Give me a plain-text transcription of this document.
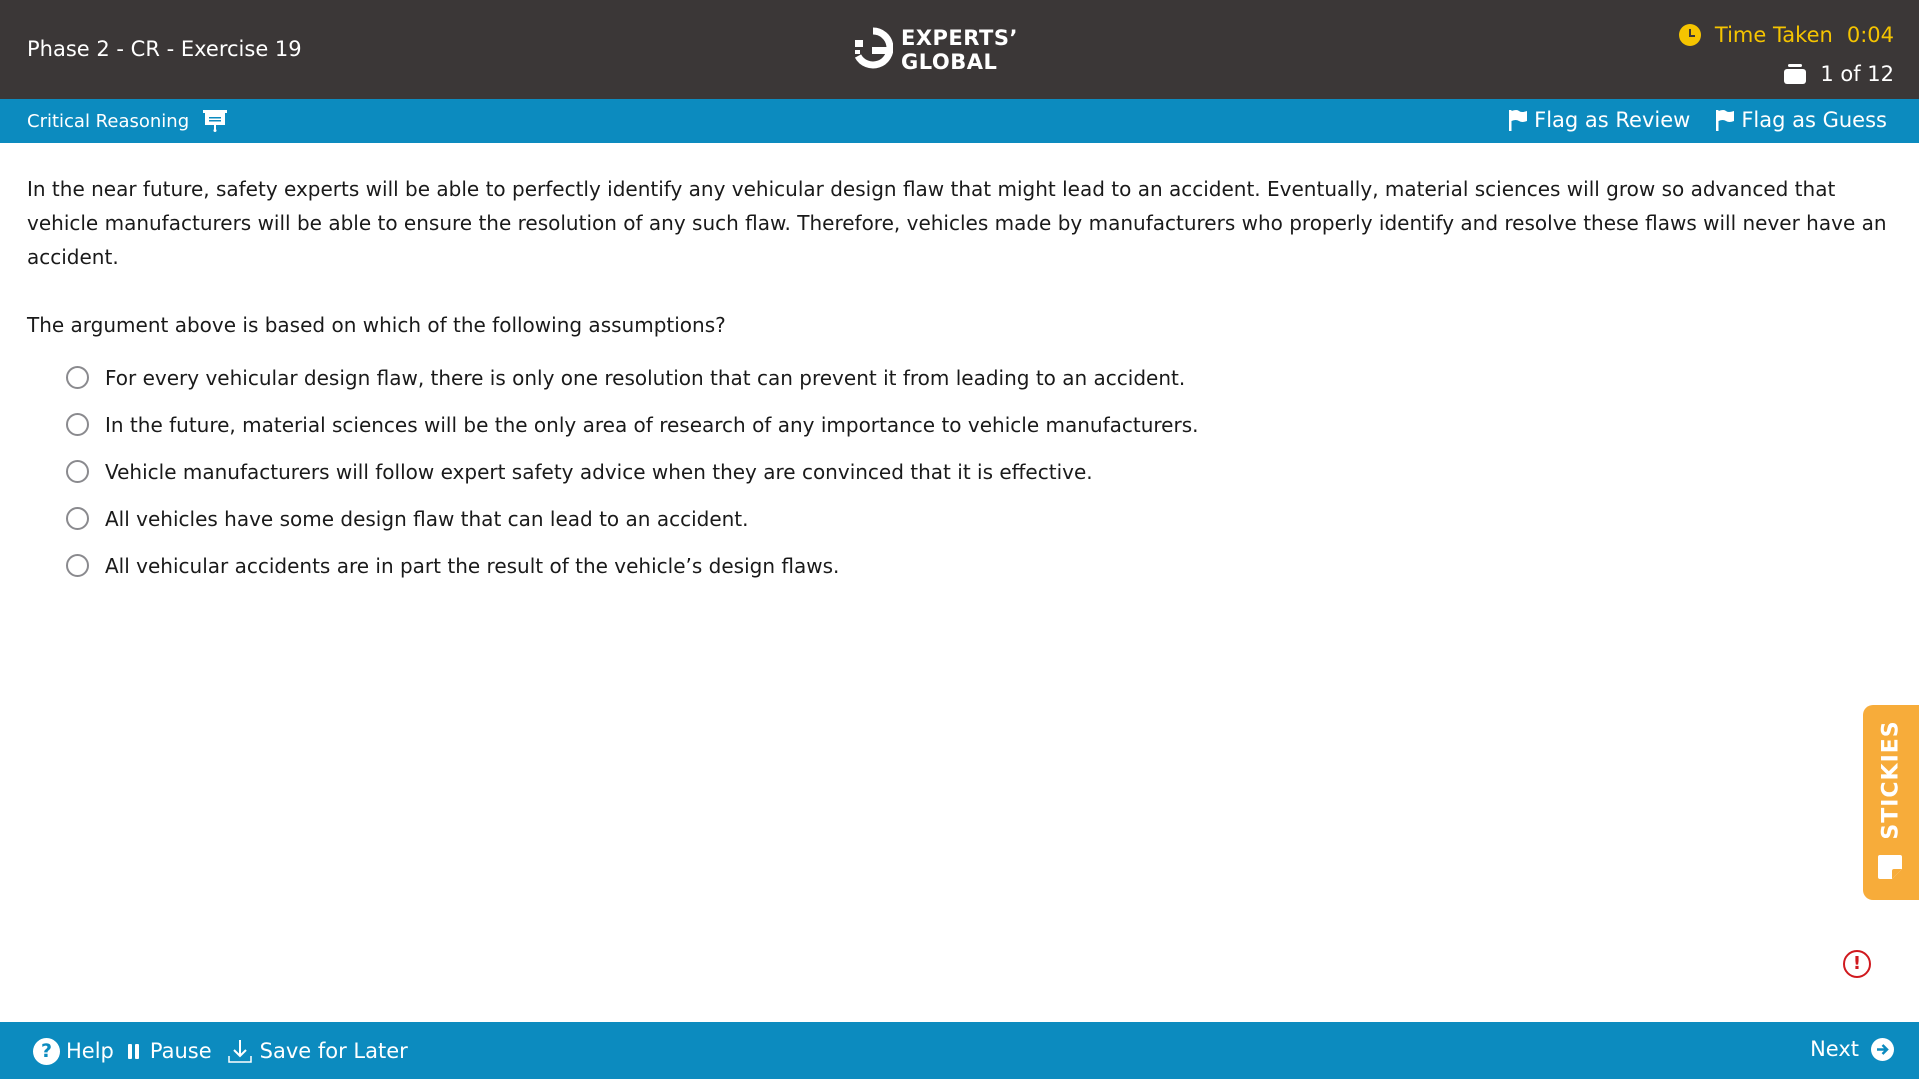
Phase 2 - CR - Exercise 19	EXPERTS’
GLOBAL
Time Taken 0:04
1 of 12
Critical Reasoning	Flag as Review Flag as Guess

In the near future, safety experts will be able to perfectly identify any vehicular design flaw that might lead to an accident. Eventually, material sciences will grow so advanced that vehicle manufacturers will be able to ensure the resolution of any such flaw. Therefore, vehicles made by manufacturers who properly identify and resolve these flaws will never have an accident.

The argument above is based on which of the following assumptions?

For every vehicular design flaw, there is only one resolution that can prevent it from leading to an accident.
In the future, material sciences will be the only area of research of any importance to vehicle manufacturers.
Vehicle manufacturers will follow expert safety advice when they are convinced that it is effective.
All vehicles have some design flaw that can lead to an accident.
All vehicular accidents are in part the result of the vehicle’s design flaws.
STICKIES
!
? Help Pause Save for Later	Next
